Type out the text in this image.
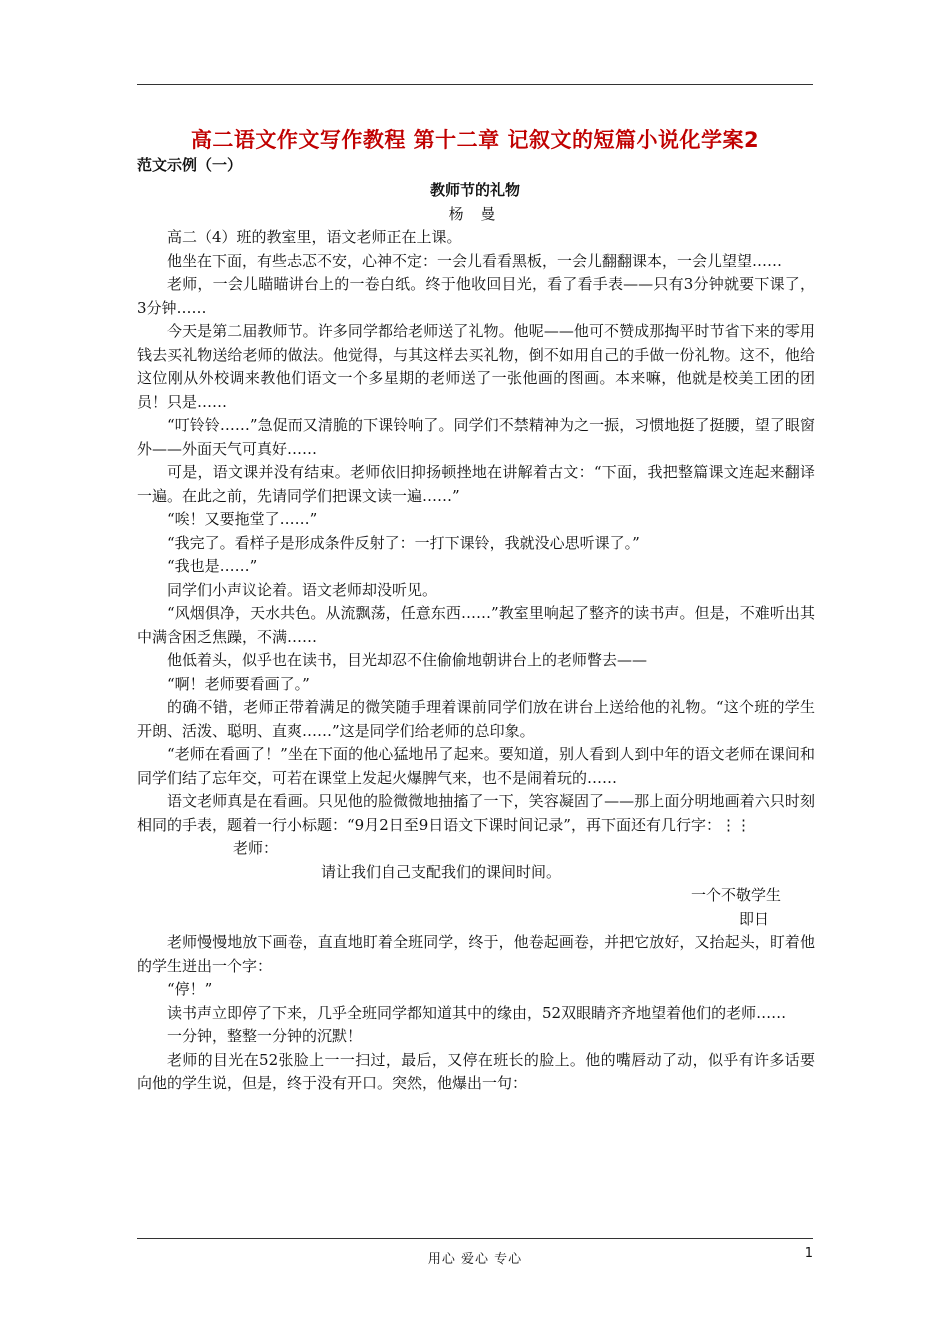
高二语文作文写作教程 第十二章 记叙文的短篇小说化学案2
范文示例（一）
教师节的礼物
杨 曼

高二（4）班的教室里，语文老师正在上课。

他坐在下面，有些忐忑不安，心神不定：一会儿看看黑板，一会儿翻翻课本，一会儿望望……

老师，一会儿瞄瞄讲台上的一卷白纸。终于他收回目光，看了看手表——只有3分钟就要下课了，3分钟……

今天是第二届教师节。许多同学都给老师送了礼物。他呢——他可不赞成那掏平时节省下来的零用钱去买礼物送给老师的做法。他觉得，与其这样去买礼物，倒不如用自己的手做一份礼物。这不，他给这位刚从外校调来教他们语文一个多星期的老师送了一张他画的图画。本来嘛，他就是校美工团的团员！只是……

“叮铃铃……”急促而又清脆的下课铃响了。同学们不禁精神为之一振，习惯地挺了挺腰，望了眼窗外——外面天气可真好……

可是，语文课并没有结束。老师依旧抑扬顿挫地在讲解着古文：“下面，我把整篇课文连起来翻译一遍。在此之前，先请同学们把课文读一遍……”

“唉！又要拖堂了……”

“我完了。看样子是形成条件反射了：一打下课铃，我就没心思听课了。”

“我也是……”

同学们小声议论着。语文老师却没听见。

“风烟俱净，天水共色。从流飘荡，任意东西……”教室里响起了整齐的读书声。但是，不难听出其中满含困乏焦躁，不满……

他低着头，似乎也在读书，目光却忍不住偷偷地朝讲台上的老师瞥去——

“啊！老师要看画了。”

的确不错，老师正带着满足的微笑随手理着课前同学们放在讲台上送给他的礼物。“这个班的学生开朗、活泼、聪明、直爽……”这是同学们给老师的总印象。

“老师在看画了！”坐在下面的他心猛地吊了起来。要知道，别人看到人到中年的语文老师在课间和同学们结了忘年交，可若在课堂上发起火爆脾气来，也不是闹着玩的……

语文老师真是在看画。只见他的脸微微地抽搐了一下，笑容凝固了——那上面分明地画着六只时刻相同的手表，题着一行小标题：“9月2日至9日语文下课时间记录”，再下面还有几行字：⋮⋮

老师：

请让我们自己支配我们的课间时间。

一个不敬学生

即日

老师慢慢地放下画卷，直直地盯着全班同学，终于，他卷起画卷，并把它放好，又抬起头，盯着他的学生迸出一个字：

“停！”

读书声立即停了下来，几乎全班同学都知道其中的缘由，52双眼睛齐齐地望着他们的老师……

一分钟，整整一分钟的沉默！

老师的目光在52张脸上一一扫过，最后，又停在班长的脸上。他的嘴唇动了动，似乎有许多话要向他的学生说，但是，终于没有开口。突然，他爆出一句：

用心 爱心 专心	1
